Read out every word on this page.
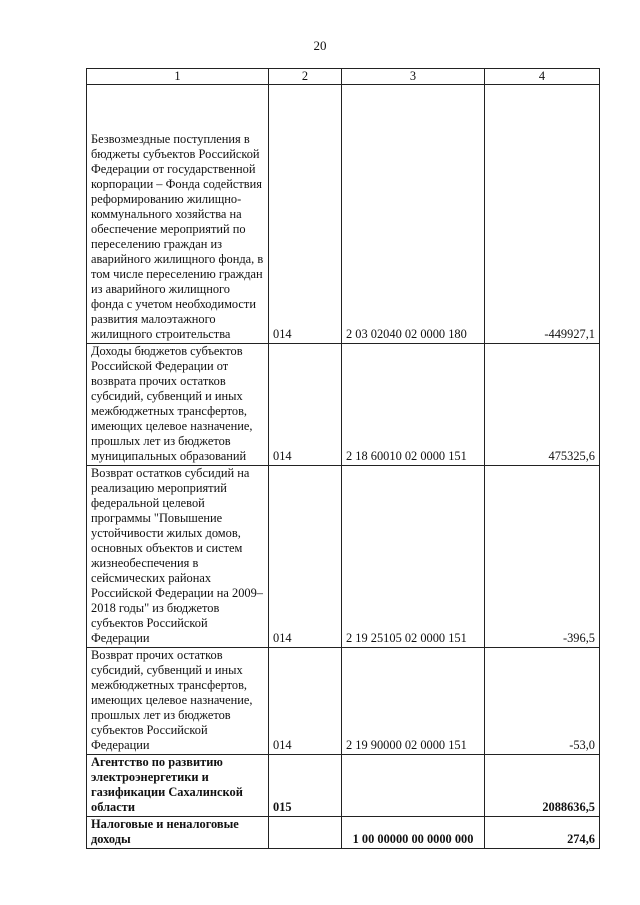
20
1	2	3	4
Безвозмездные поступления в бюджеты субъектов Российской Федерации от государственной корпорации – Фонда содействия реформированию жилищно-коммунального хозяйства на обеспечение мероприятий по переселению граждан из аварийного жилищного фонда, в том числе переселению граждан из аварийного жилищного фонда с учетом необходимости развития малоэтажного жилищного строительства	014	2 03 02040 02 0000 180	-449927,1
Доходы бюджетов субъектов Российской Федерации от возврата прочих остатков субсидий, субвенций и иных межбюджетных трансфертов, имеющих целевое назначение, прошлых лет из бюджетов муниципальных образований	014	2 18 60010 02 0000 151	475325,6
Возврат остатков субсидий на реализацию мероприятий федеральной целевой программы "Повышение устойчивости жилых домов, основных объектов и систем жизнеобеспечения в сейсмических районах Российской Федерации на 2009–2018 годы" из бюджетов субъектов Российской Федерации	014	2 19 25105 02 0000 151	-396,5
Возврат прочих остатков субсидий, субвенций и иных межбюджетных трансфертов, имеющих целевое назначение, прошлых лет из бюджетов субъектов Российской Федерации	014	2 19 90000 02 0000 151	-53,0
Агентство по развитию электроэнергетики и газификации Сахалинской области	015		2088636,5
Налоговые и неналоговые доходы		1 00 00000 00 0000 000	274,6
